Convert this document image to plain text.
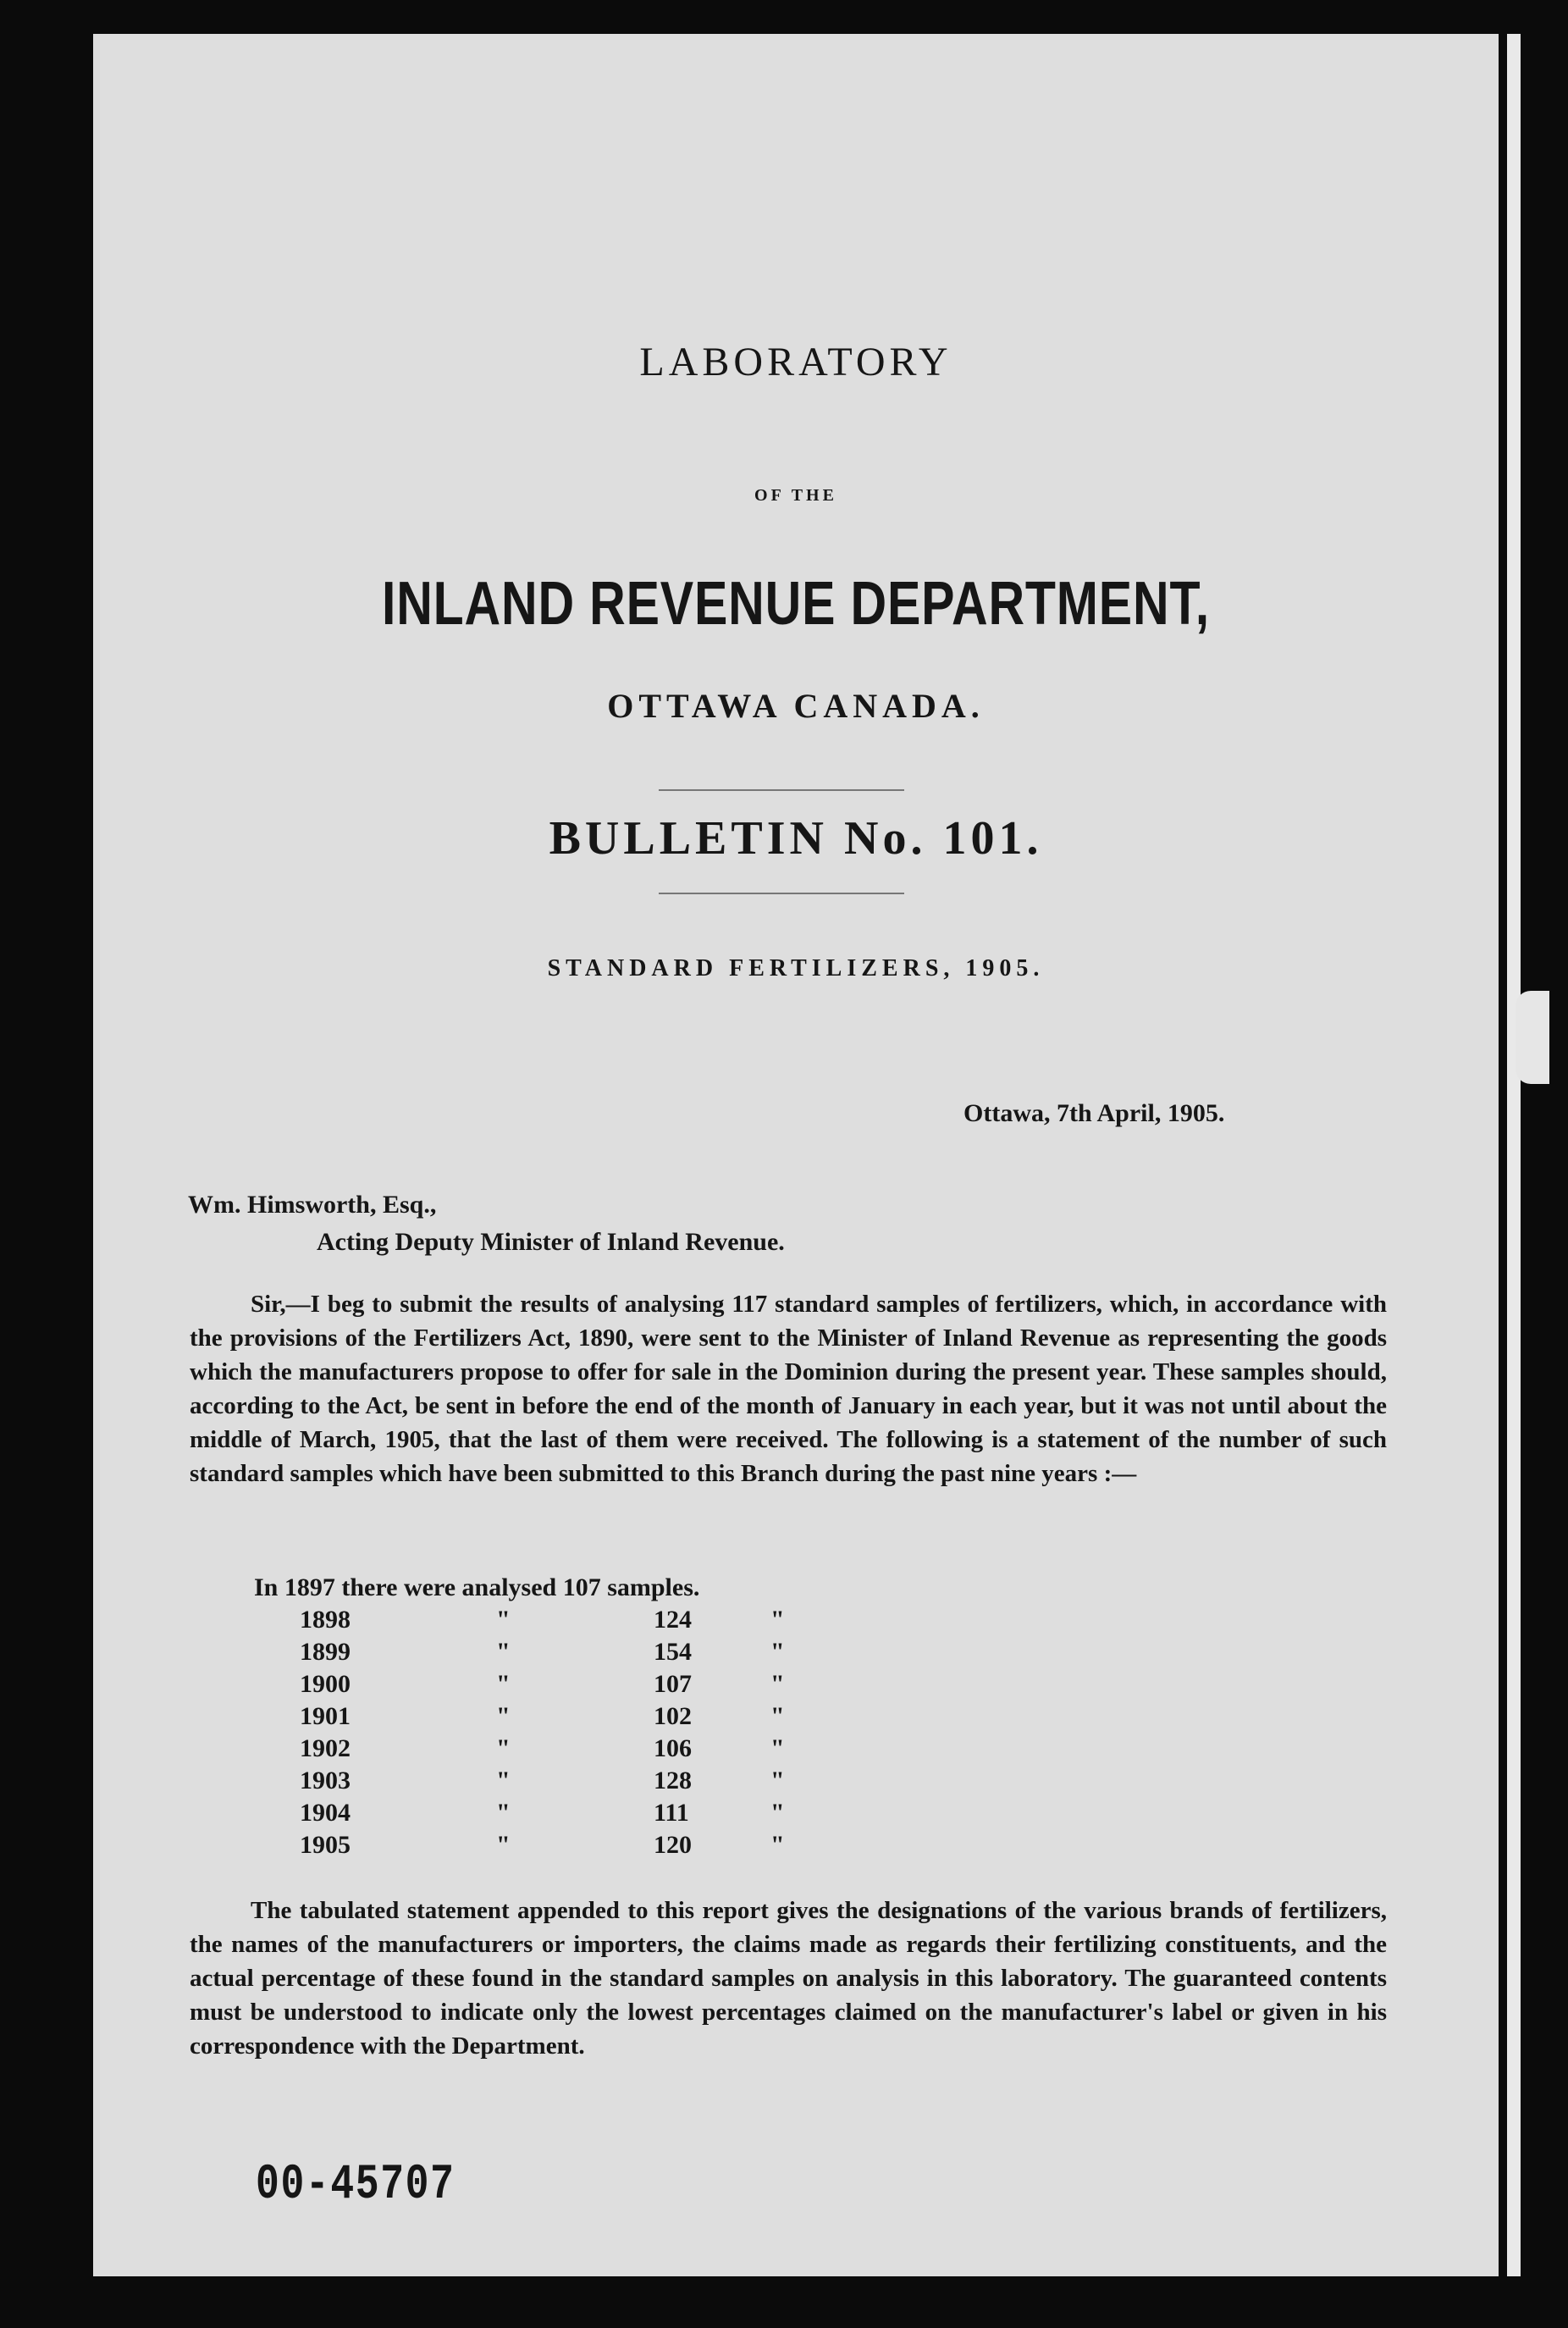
LABORATORY
OF THE
INLAND REVENUE DEPARTMENT,
OTTAWA CANADA.
BULLETIN No. 101.
STANDARD FERTILIZERS, 1905.
Ottawa, 7th April, 1905.
Wm. Himsworth, Esq.,
Acting Deputy Minister of Inland Revenue.
Sir,—I beg to submit the results of analysing 117 standard samples of fertilizers, which, in accordance with the provisions of the Fertilizers Act, 1890, were sent to the Minister of Inland Revenue as representing the goods which the manufacturers propose to offer for sale in the Dominion during the present year. These samples should, according to the Act, be sent in before the end of the month of January in each year, but it was not until about the middle of March, 1905, that the last of them were received. The following is a statement of the number of such standard samples which have been submitted to this Branch during the past nine years :—
In 1897 there were analysed 107 samples.
1898	"	124	"
1899	"	154	"
1900	"	107	"
1901	"	102	"
1902	"	106	"
1903	"	128	"
1904	"	111	"
1905	"	120	"
The tabulated statement appended to this report gives the designations of the various brands of fertilizers, the names of the manufacturers or importers, the claims made as regards their fertilizing constituents, and the actual percentage of these found in the standard samples on analysis in this laboratory. The guaranteed contents must be understood to indicate only the lowest percentages claimed on the manufacturer's label or given in his correspondence with the Department.
00-45707
